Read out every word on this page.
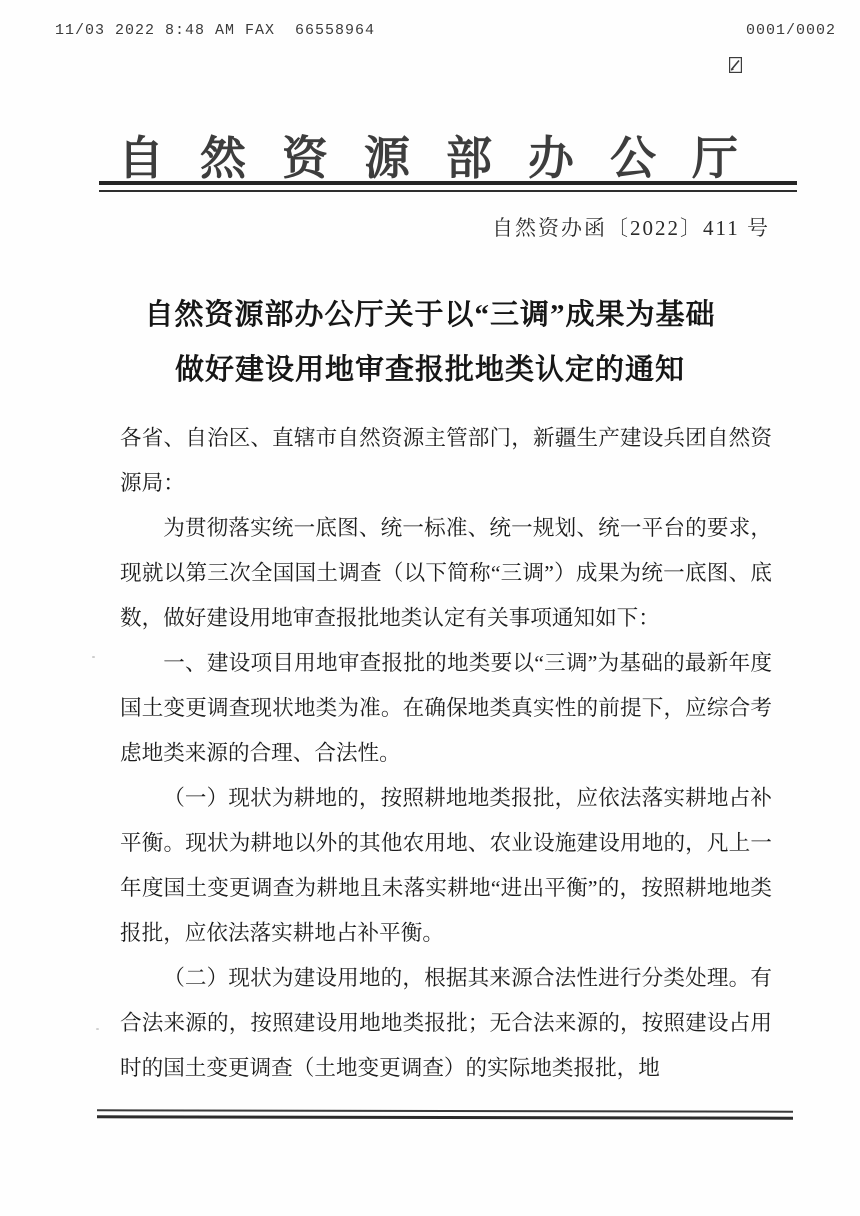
11/03 2022 8:48 AM FAX  66558964

	0001/0002
自然资源部办公厅
自然资办函〔2022〕411 号
自然资源部办公厅关于以“三调”成果为基础
做好建设用地审查报批地类认定的通知

各省、自治区、直辖市自然资源主管部门，新疆生产建设兵团自然资源局：

为贯彻落实统一底图、统一标准、统一规划、统一平台的要求，现就以第三次全国国土调查（以下简称“三调”）成果为统一底图、底数，做好建设用地审查报批地类认定有关事项通知如下：

一、建设项目用地审查报批的地类要以“三调”为基础的最新年度国土变更调查现状地类为准。在确保地类真实性的前提下，应综合考虑地类来源的合理、合法性。

（一）现状为耕地的，按照耕地地类报批，应依法落实耕地占补平衡。现状为耕地以外的其他农用地、农业设施建设用地的，凡上一年度国土变更调查为耕地且未落实耕地“进出平衡”的，按照耕地地类报批，应依法落实耕地占补平衡。

（二）现状为建设用地的，根据其来源合法性进行分类处理。有合法来源的，按照建设用地地类报批；无合法来源的，按照建设占用时的国土变更调查（土地变更调查）的实际地类报批，地
